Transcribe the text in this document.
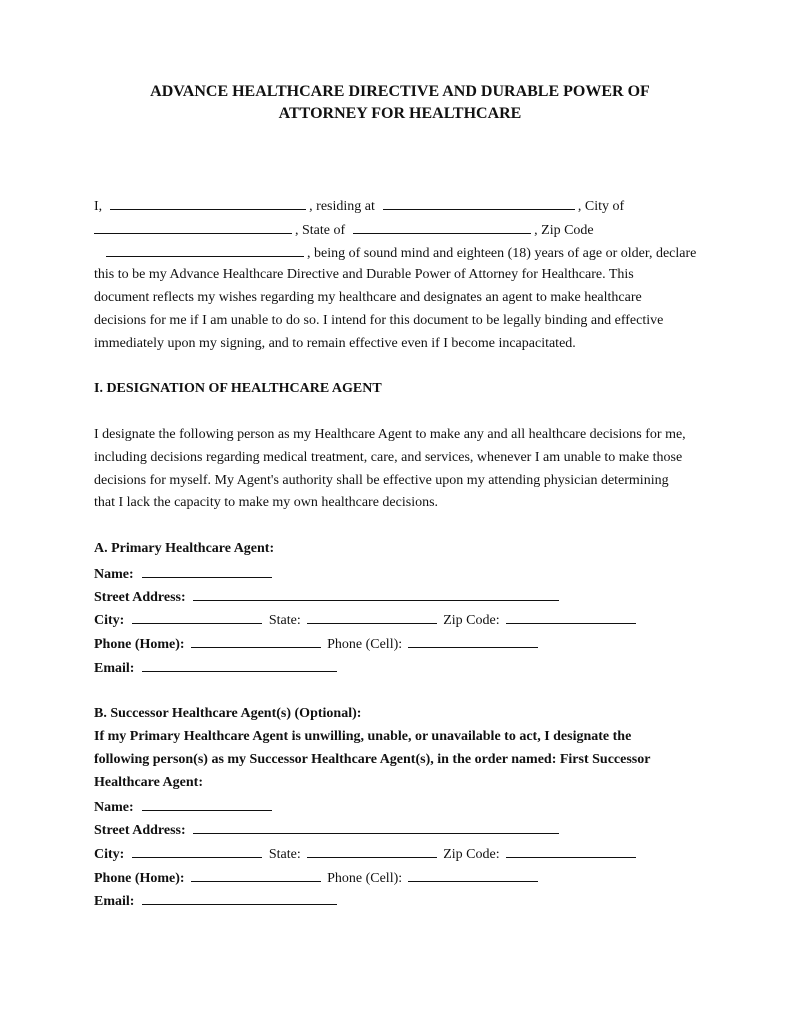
ADVANCE HEALTHCARE DIRECTIVE AND DURABLE POWER OF
ATTORNEY FOR HEALTHCARE
I,	, residing at	, City of
, State of	, Zip Code
, being of sound mind and eighteen (18) years of age or older, declare
this to be my Advance Healthcare Directive and Durable Power of Attorney for Healthcare. This
document reflects my wishes regarding my healthcare and designates an agent to make healthcare
decisions for me if I am unable to do so. I intend for this document to be legally binding and effective
immediately upon my signing, and to remain effective even if I become incapacitated.
I. DESIGNATION OF HEALTHCARE AGENT
I designate the following person as my Healthcare Agent to make any and all healthcare decisions for me,
including decisions regarding medical treatment, care, and services, whenever I am unable to make those
decisions for myself. My Agent's authority shall be effective upon my attending physician determining
that I lack the capacity to make my own healthcare decisions.
A. Primary Healthcare Agent:
Name:
Street Address:
City:	State:	Zip Code:
Phone (Home):	Phone (Cell):
Email:
B. Successor Healthcare Agent(s) (Optional):
If my Primary Healthcare Agent is unwilling, unable, or unavailable to act, I designate the
following person(s) as my Successor Healthcare Agent(s), in the order named: First Successor
Healthcare Agent:
Name:
Street Address:
City:	State:	Zip Code:
Phone (Home):	Phone (Cell):
Email:
